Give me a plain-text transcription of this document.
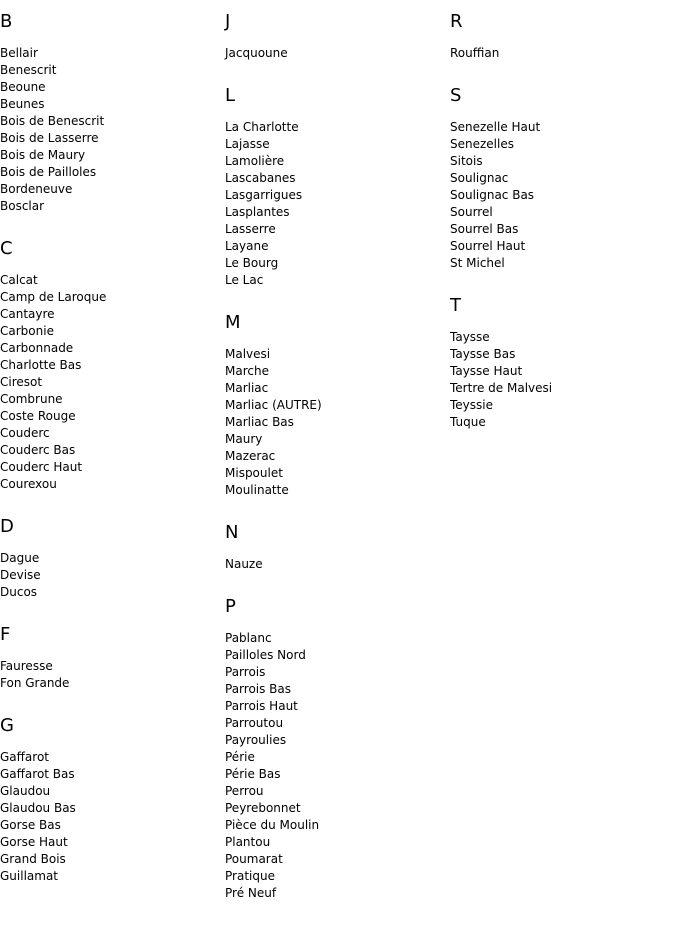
B
Bellair
Benescrit
Beoune
Beunes
Bois de Benescrit
Bois de Lasserre
Bois de Maury
Bois de Pailloles
Bordeneuve
Bosclar
C
Calcat
Camp de Laroque
Cantayre
Carbonie
Carbonnade
Charlotte Bas
Ciresot
Combrune
Coste Rouge
Couderc
Couderc Bas
Couderc Haut
Courexou
D
Dague
Devise
Ducos
F
Fauresse
Fon Grande
G
Gaffarot
Gaffarot Bas
Glaudou
Glaudou Bas
Gorse Bas
Gorse Haut
Grand Bois
Guillamat
J
Jacquoune
L
La Charlotte
Lajasse
Lamolière
Lascabanes
Lasgarrigues
Lasplantes
Lasserre
Layane
Le Bourg
Le Lac
M
Malvesi
Marche
Marliac
Marliac (AUTRE)
Marliac Bas
Maury
Mazerac
Mispoulet
Moulinatte
N
Nauze
P
Pablanc
Pailloles Nord
Parrois
Parrois Bas
Parrois Haut
Parroutou
Payroulies
Périe
Périe Bas
Perrou
Peyrebonnet
Pièce du Moulin
Plantou
Poumarat
Pratique
Pré Neuf
R
Rouffian
S
Senezelle Haut
Senezelles
Sitois
Soulignac
Soulignac Bas
Sourrel
Sourrel Bas
Sourrel Haut
St Michel
T
Taysse
Taysse Bas
Taysse Haut
Tertre de Malvesi
Teyssie
Tuque
